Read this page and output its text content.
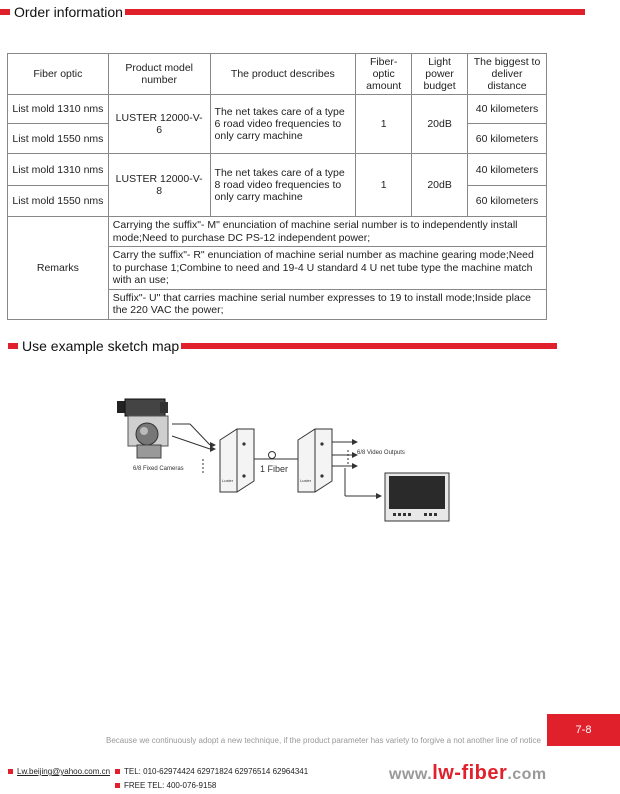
Order information
Fiber optic	Product model number	The product describes	Fiber-optic amount	Light power budget	The biggest to deliver distance
List mold 1310 nms	LUSTER 12000-V-6	The net takes care of a type 6 road video frequencies to only carry machine	1	20dB	40 kilometers
List mold 1550 nms					60 kilometers
List mold 1310 nms	LUSTER 12000-V-8	The net takes care of a type 8 road video frequencies to only carry machine	1	20dB	40 kilometers
List mold 1550 nms					60 kilometers
Remarks	Carrying the suffix"- M" enunciation of machine serial number is to independently install mode;Need to purchase DC PS-12 independent power;				
	Carry the suffix"- R" enunciation of machine serial number as machine gearing mode;Need to purchase 1;Combine to need and 19-4 U standard 4 U net tube type the machine match with an use;				
	Suffix"- U" that carries machine serial number expresses to 19 to install mode;Inside place the 220 VAC the power;				
Use example sketch map
Luster	Luster
6/8 Fixed Cameras	1 Fiber
6/8 Video Outputs
7-8
Because we continuously adopt a new technique, if the product parameter has variety to forgive a not another line of notice
Lw.beijing@yahoo.com.cn	TEL: 010-62974424 62971824 62976514 62964341
FREE TEL: 400-076-9158
www.lw-fiber.com
